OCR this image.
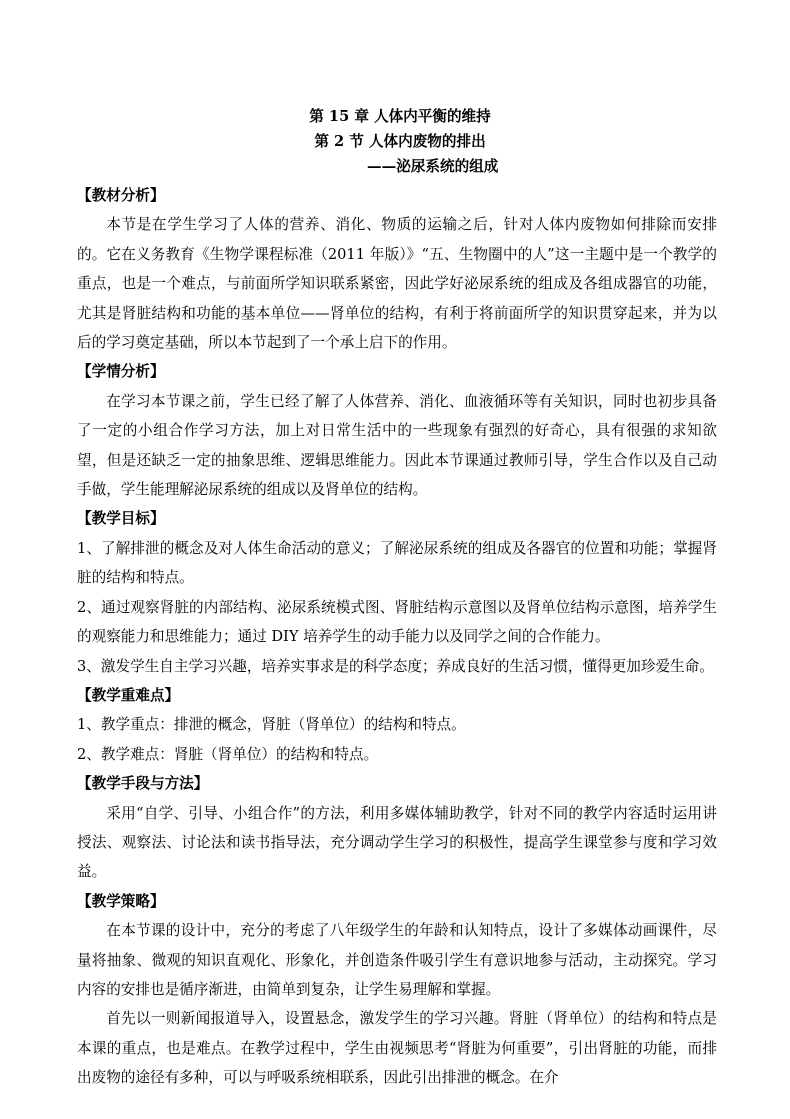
第 15 章 人体内平衡的维持

第 2 节 人体内废物的排出

——泌尿系统的组成

【教材分析】

本节是在学生学习了人体的营养、消化、物质的运输之后，针对人体内废物如何排除而安排的。它在义务教育《生物学课程标准（2011 年版）》“五、生物圈中的人”这一主题中是一个教学的重点，也是一个难点，与前面所学知识联系紧密，因此学好泌尿系统的组成及各组成器官的功能，尤其是肾脏结构和功能的基本单位——肾单位的结构，有利于将前面所学的知识贯穿起来，并为以后的学习奠定基础，所以本节起到了一个承上启下的作用。

【学情分析】

在学习本节课之前，学生已经了解了人体营养、消化、血液循环等有关知识，同时也初步具备了一定的小组合作学习方法，加上对日常生活中的一些现象有强烈的好奇心，具有很强的求知欲望，但是还缺乏一定的抽象思维、逻辑思维能力。因此本节课通过教师引导，学生合作以及自己动手做，学生能理解泌尿系统的组成以及肾单位的结构。

【教学目标】

1、了解排泄的概念及对人体生命活动的意义；了解泌尿系统的组成及各器官的位置和功能；掌握肾脏的结构和特点。

2、通过观察肾脏的内部结构、泌尿系统模式图、肾脏结构示意图以及肾单位结构示意图，培养学生的观察能力和思维能力；通过 DIY 培养学生的动手能力以及同学之间的合作能力。

3、激发学生自主学习兴趣，培养实事求是的科学态度；养成良好的生活习惯，懂得更加珍爱生命。

【教学重难点】

1、教学重点：排泄的概念，肾脏（肾单位）的结构和特点。

2、教学难点：肾脏（肾单位）的结构和特点。

【教学手段与方法】

采用“自学、引导、小组合作”的方法，利用多媒体辅助教学，针对不同的教学内容适时运用讲授法、观察法、讨论法和读书指导法，充分调动学生学习的积极性，提高学生课堂参与度和学习效益。

【教学策略】

在本节课的设计中，充分的考虑了八年级学生的年龄和认知特点，设计了多媒体动画课件，尽量将抽象、微观的知识直观化、形象化，并创造条件吸引学生有意识地参与活动，主动探究。学习内容的安排也是循序渐进，由简单到复杂，让学生易理解和掌握。

首先以一则新闻报道导入，设置悬念，激发学生的学习兴趣。肾脏（肾单位）的结构和特点是本课的重点，也是难点。在教学过程中，学生由视频思考“肾脏为何重要”，引出肾脏的功能，而排出废物的途径有多种，可以与呼吸系统相联系，因此引出排泄的概念。在介
